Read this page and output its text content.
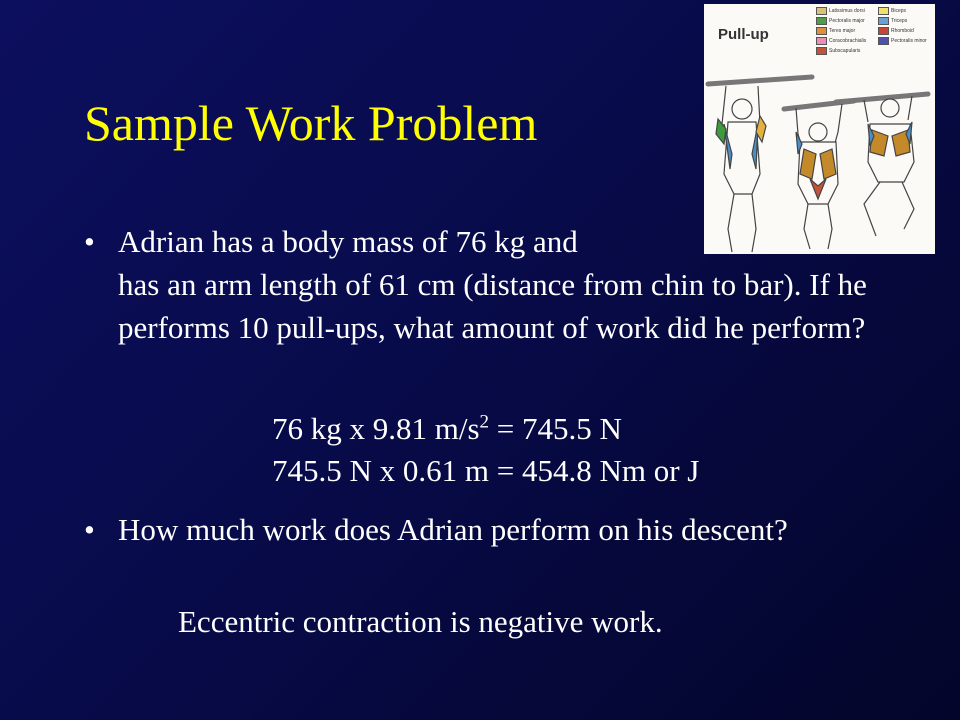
Sample Work Problem
• Adrian has a body mass of 76 kg and
has an arm length of 61 cm (distance from chin to bar). If he performs 10 pull-ups, what amount of work did he perform?
76 kg x 9.81 $m/s^2 = 745.5$ N
745.5 N x 0.61 m = 454.8 Nm or J
• How much work does Adrian perform on his descent?
Eccentric contraction is negative work.
Pull-up
Latissimus dorsi
Pectoralis major
Teres major
Coracobrachialis
Subscapularis
Biceps
Triceps
Rhomboid
Pectoralis minor
